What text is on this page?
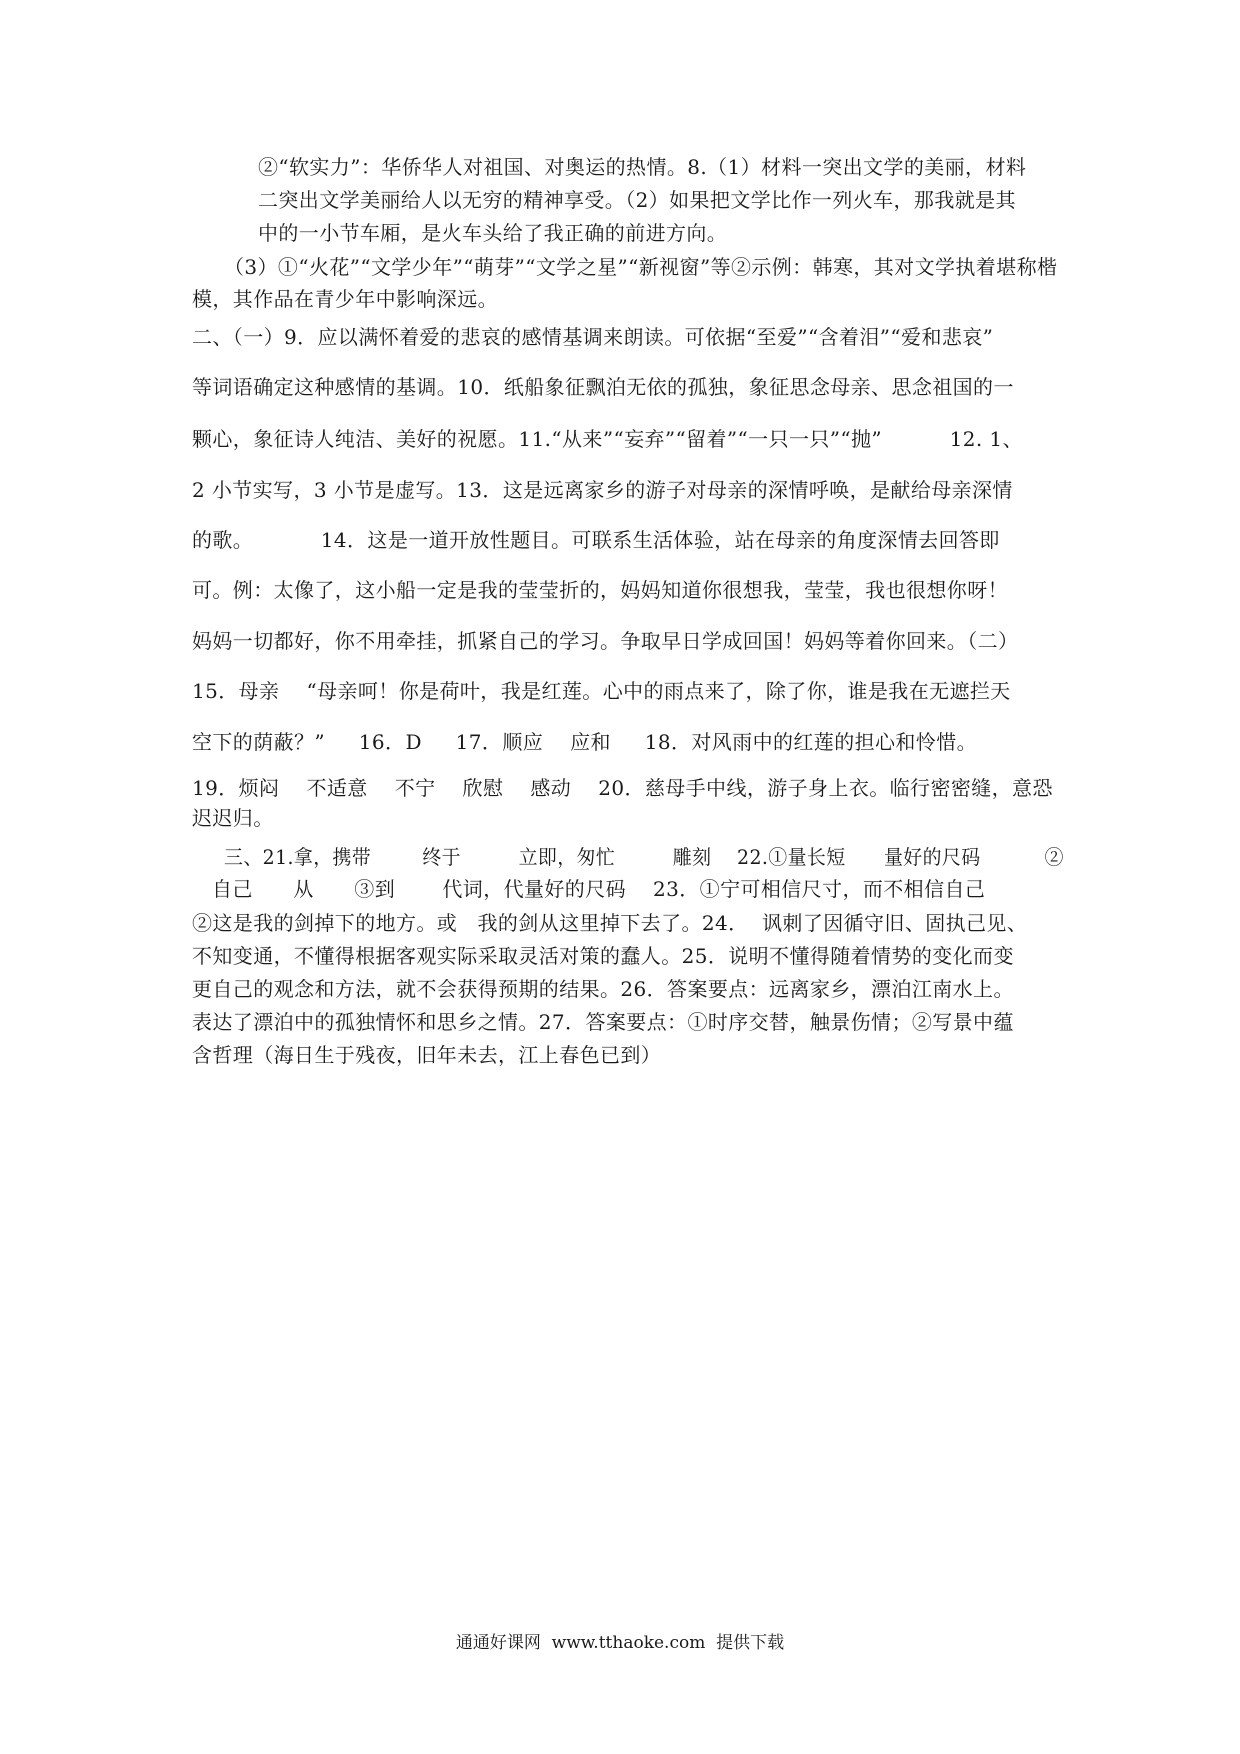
②“软实力”：华侨华人对祖国、对奥运的热情。8.（1）材料一突出文学的美丽，材料
二突出文学美丽给人以无穷的精神享受。（2）如果把文学比作一列火车，那我就是其
中的一小节车厢，是火车头给了我正确的前进方向。
（3）①“火花”“文学少年”“萌芽”“文学之星”“新视窗”等②示例：韩寒，其对文学执着堪称楷
模，其作品在青少年中影响深远。
二、（一）9．应以满怀着爱的悲哀的感情基调来朗读。可依据“至爱”“含着泪”“爱和悲哀”
等词语确定这种感情的基调。10．纸船象征飘泊无依的孤独，象征思念母亲、思念祖国的一
颗心，象征诗人纯洁、美好的祝愿。11.“从来”“妄弃”“留着”“一只一只”“抛”          12. 1、
2 小节实写，3 小节是虚写。13．这是远离家乡的游子对母亲的深情呼唤，是献给母亲深情
的歌。          14．这是一道开放性题目。可联系生活体验，站在母亲的角度深情去回答即
可。例：太像了，这小船一定是我的莹莹折的，妈妈知道你很想我，莹莹，我也很想你呀！
妈妈一切都好，你不用牵挂，抓紧自己的学习。争取早日学成回国！妈妈等着你回来。（二）
15．母亲    “母亲呵！你是荷叶，我是红莲。心中的雨点来了，除了你，谁是我在无遮拦天
空下的荫蔽？”     16．D     17．顺应    应和     18．对风雨中的红莲的担心和怜惜。
19．烦闷    不适意    不宁    欣慰    感动    20．慈母手中线，游子身上衣。临行密密缝，意恐
迟迟归。
三、21.拿，携带        终于         立即，匆忙         雕刻    22.①量长短      量好的尺码          ②
自己      从      ③到       代词，代量好的尺码    23．①宁可相信尺寸，而不相信自己
②这是我的剑掉下的地方。或   我的剑从这里掉下去了。24．  讽刺了因循守旧、固执己见、
不知变通，不懂得根据客观实际采取灵活对策的蠢人。25．说明不懂得随着情势的变化而变
更自己的观念和方法，就不会获得预期的结果。26．答案要点：远离家乡，漂泊江南水上。
表达了漂泊中的孤独情怀和思乡之情。27．答案要点：①时序交替，触景伤情；②写景中蕴
含哲理（海日生于残夜，旧年未去，江上春色已到）
通通好课网  www.tthaoke.com  提供下载
